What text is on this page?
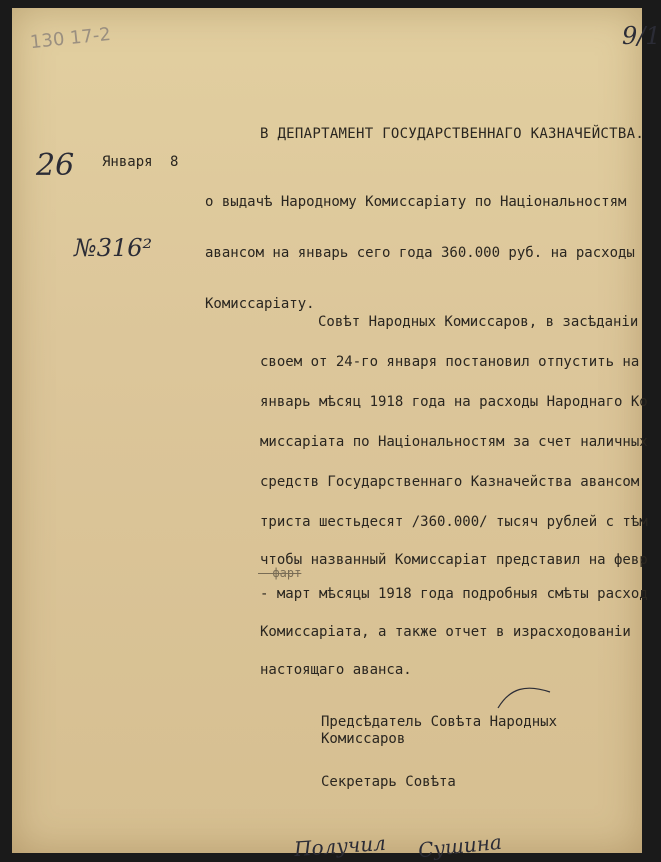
130 17-2	9/1
В ДЕПАРТАМЕНТ ГОСУДАРСТВЕННАГО КАЗНАЧЕЙСТВА.
26 Января 8

о выдачѣ Народному Комиссаріату по Національностям

авансом на январь сего года 360.000 руб. на расходы

Комиссаріату.

№316²
Совѣт Народных Комиссаров, в засѣданіи
своем от 24-го января постановил отпустить на
январь мѣсяц 1918 года на расходы Народнаго Ко
миссаріата по Національностям за счет наличных
средств Государственнаго Казначейства авансом
триста шестьдесят /360.000/ тысяч рублей с тѣм
чтобы названный Комиссаріат представил на февр
- фарт
- март мѣсяцы 1918 года подробныя смѣты расход
Комиссаріата, а также отчет в израсходованіи
настоящаго аванса.
Предсѣдатель Совѣта Народных
Комиссаров
Секретарь Совѣта
Получил Сушина
